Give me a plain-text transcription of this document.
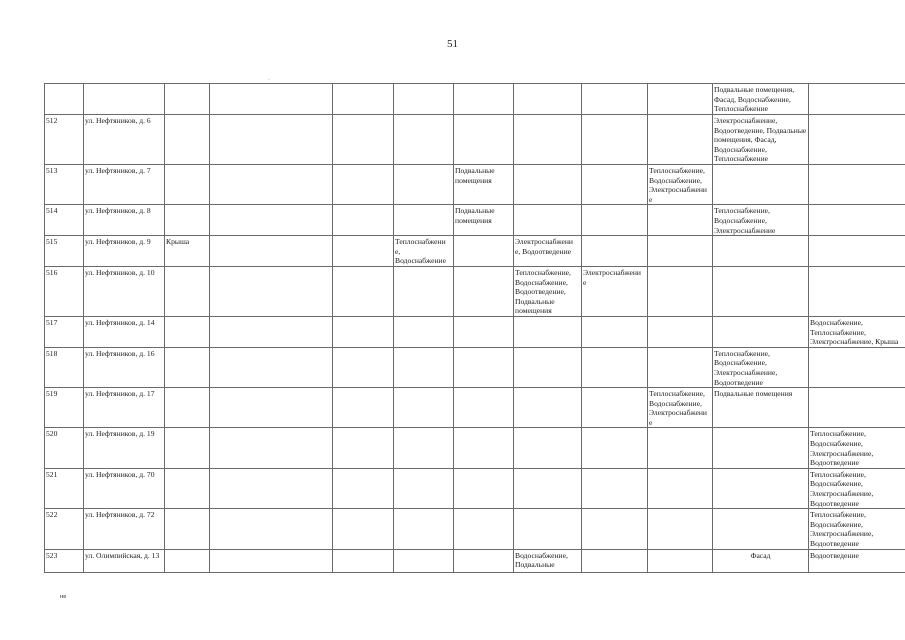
51
·
										Подвальные помещения, Фасад, Водоснабжение, Теплоснабжение	
512	ул. Нефтяников, д. 6									Электроснабжение, Водоотведение, Подвальные помещения, Фасад, Водоснабжение, Теплоснабжение	
513	ул. Нефтяников, д. 7					Подвальные помещения			Теплоснабжение, Водоснабжение, Электроснабжени е		
514	ул. Нефтяников, д. 8					Подвальные помещения				Теплоснабжение, Водоснабжение, Электроснабжение	
515	ул. Нефтяников, д. 9	Крыша			Теплоснабжени е, Водоснабжение		Электроснабжени е, Водоотведение				
516	ул. Нефтяников, д. 10						Теплоснабжение, Водоснабжение, Водоотведение, Подвальные помещения	Электроснабжени е			
517	ул. Нефтяников, д. 14										Водоснабжение, Теплоснабжение, Электроснабжение, Крыша
518	ул. Нефтяников, д. 16									Теплоснабжение, Водоснабжение, Электроснабжение, Водоотведение	
519	ул. Нефтяников, д. 17								Теплоснабжение, Водоснабжение, Электроснабжени е	Подвальные помещения	
520	ул. Нефтяников, д. 19										Теплоснабжение, Водоснабжение, Электроснабжение, Водоотведение
521	ул. Нефтяников, д. 70										Теплоснабжение, Водоснабжение, Электроснабжение, Водоотведение
522	ул. Нефтяников, д. 72										Теплоснабжение, Водоснабжение, Электроснабжение, Водоотведение
523	ул. Олимпийская, д. 13						Водоснабжение, Подвальные			Фасад	Водоотведение
нв
